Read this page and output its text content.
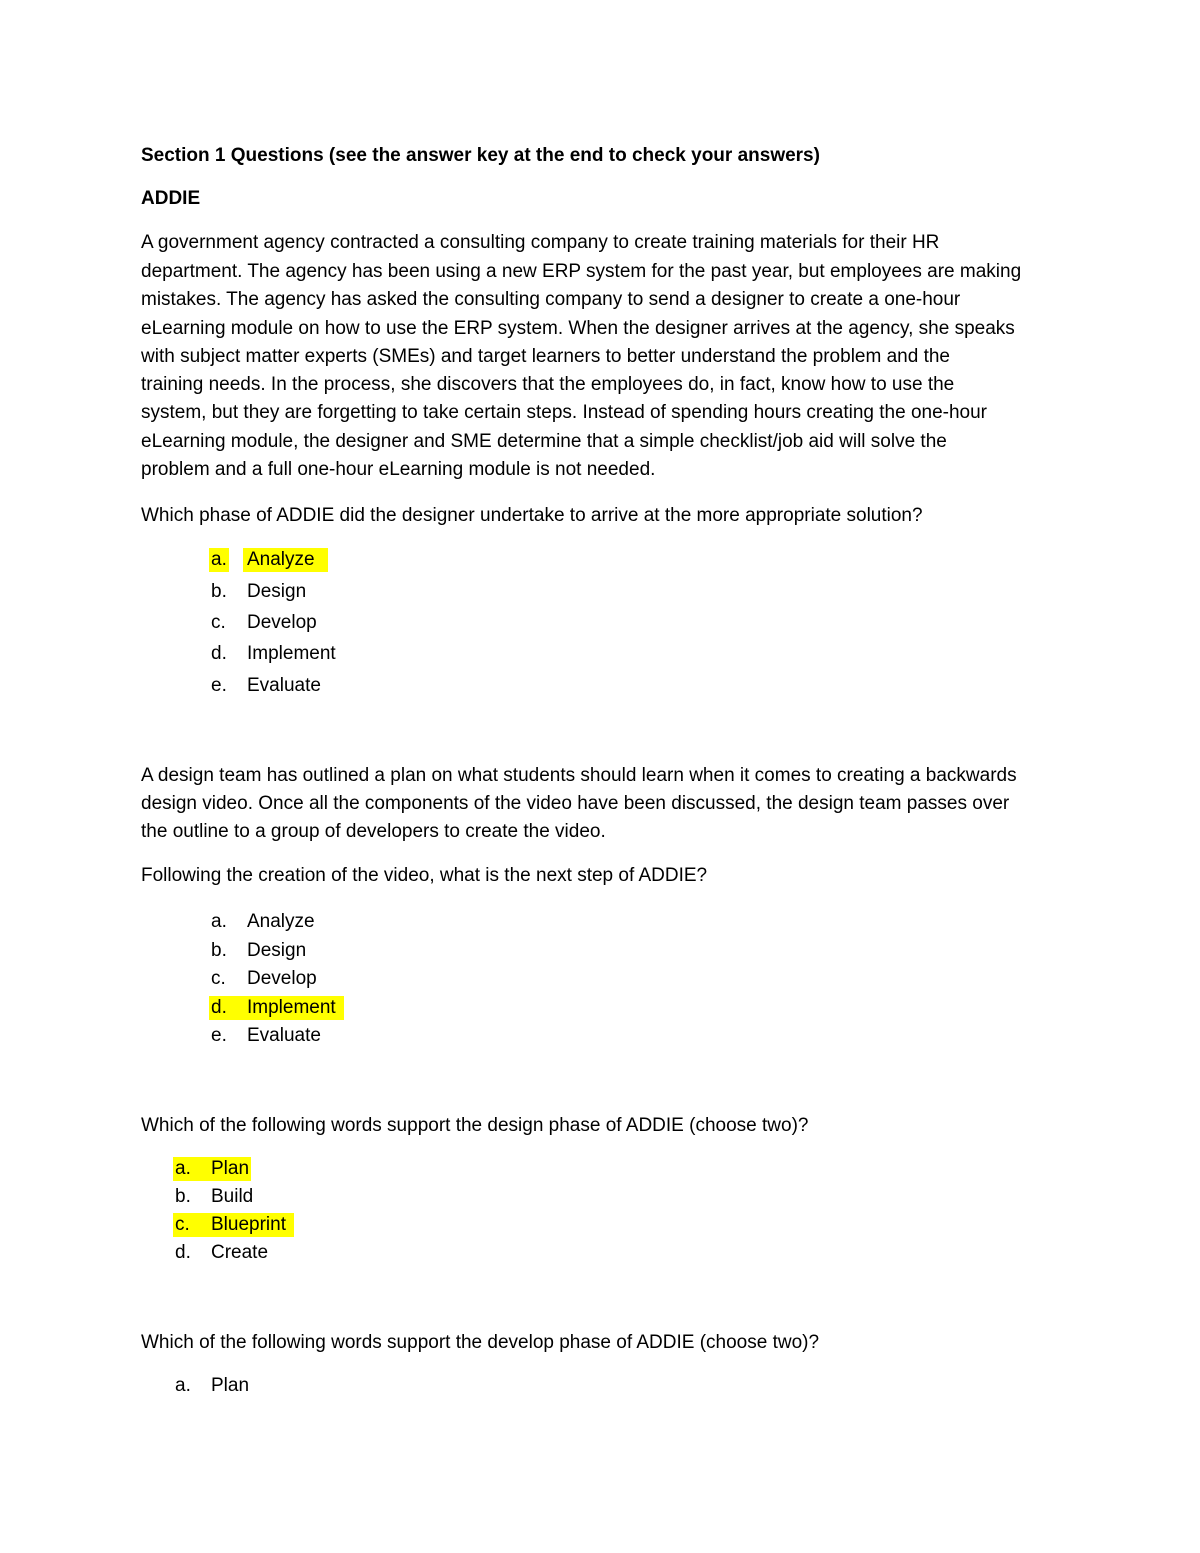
Section 1 Questions (see the answer key at the end to check your answers)
ADDIE
A government agency contracted a consulting company to create training materials for their HR
department. The agency has been using a new ERP system for the past year, but employees are making
mistakes. The agency has asked the consulting company to send a designer to create a one-hour
eLearning module on how to use the ERP system. When the designer arrives at the agency, she speaks
with subject matter experts (SMEs) and target learners to better understand the problem and the
training needs. In the process, she discovers that the employees do, in fact, know how to use the
system, but they are forgetting to take certain steps. Instead of spending hours creating the one-hour
eLearning module, the designer and SME determine that a simple checklist/job aid will solve the
problem and a full one-hour eLearning module is not needed.
Which phase of ADDIE did the designer undertake to arrive at the more appropriate solution?
a. Analyze
b. Design
c. Develop
d. Implement
e. Evaluate
A design team has outlined a plan on what students should learn when it comes to creating a backwards
design video. Once all the components of the video have been discussed, the design team passes over
the outline to a group of developers to create the video.
Following the creation of the video, what is the next step of ADDIE?
a. Analyze
b. Design
c. Develop
d. Implement
e. Evaluate
Which of the following words support the design phase of ADDIE (choose two)?
a. Plan
b. Build
c. Blueprint
d. Create
Which of the following words support the develop phase of ADDIE (choose two)?
a. Plan
